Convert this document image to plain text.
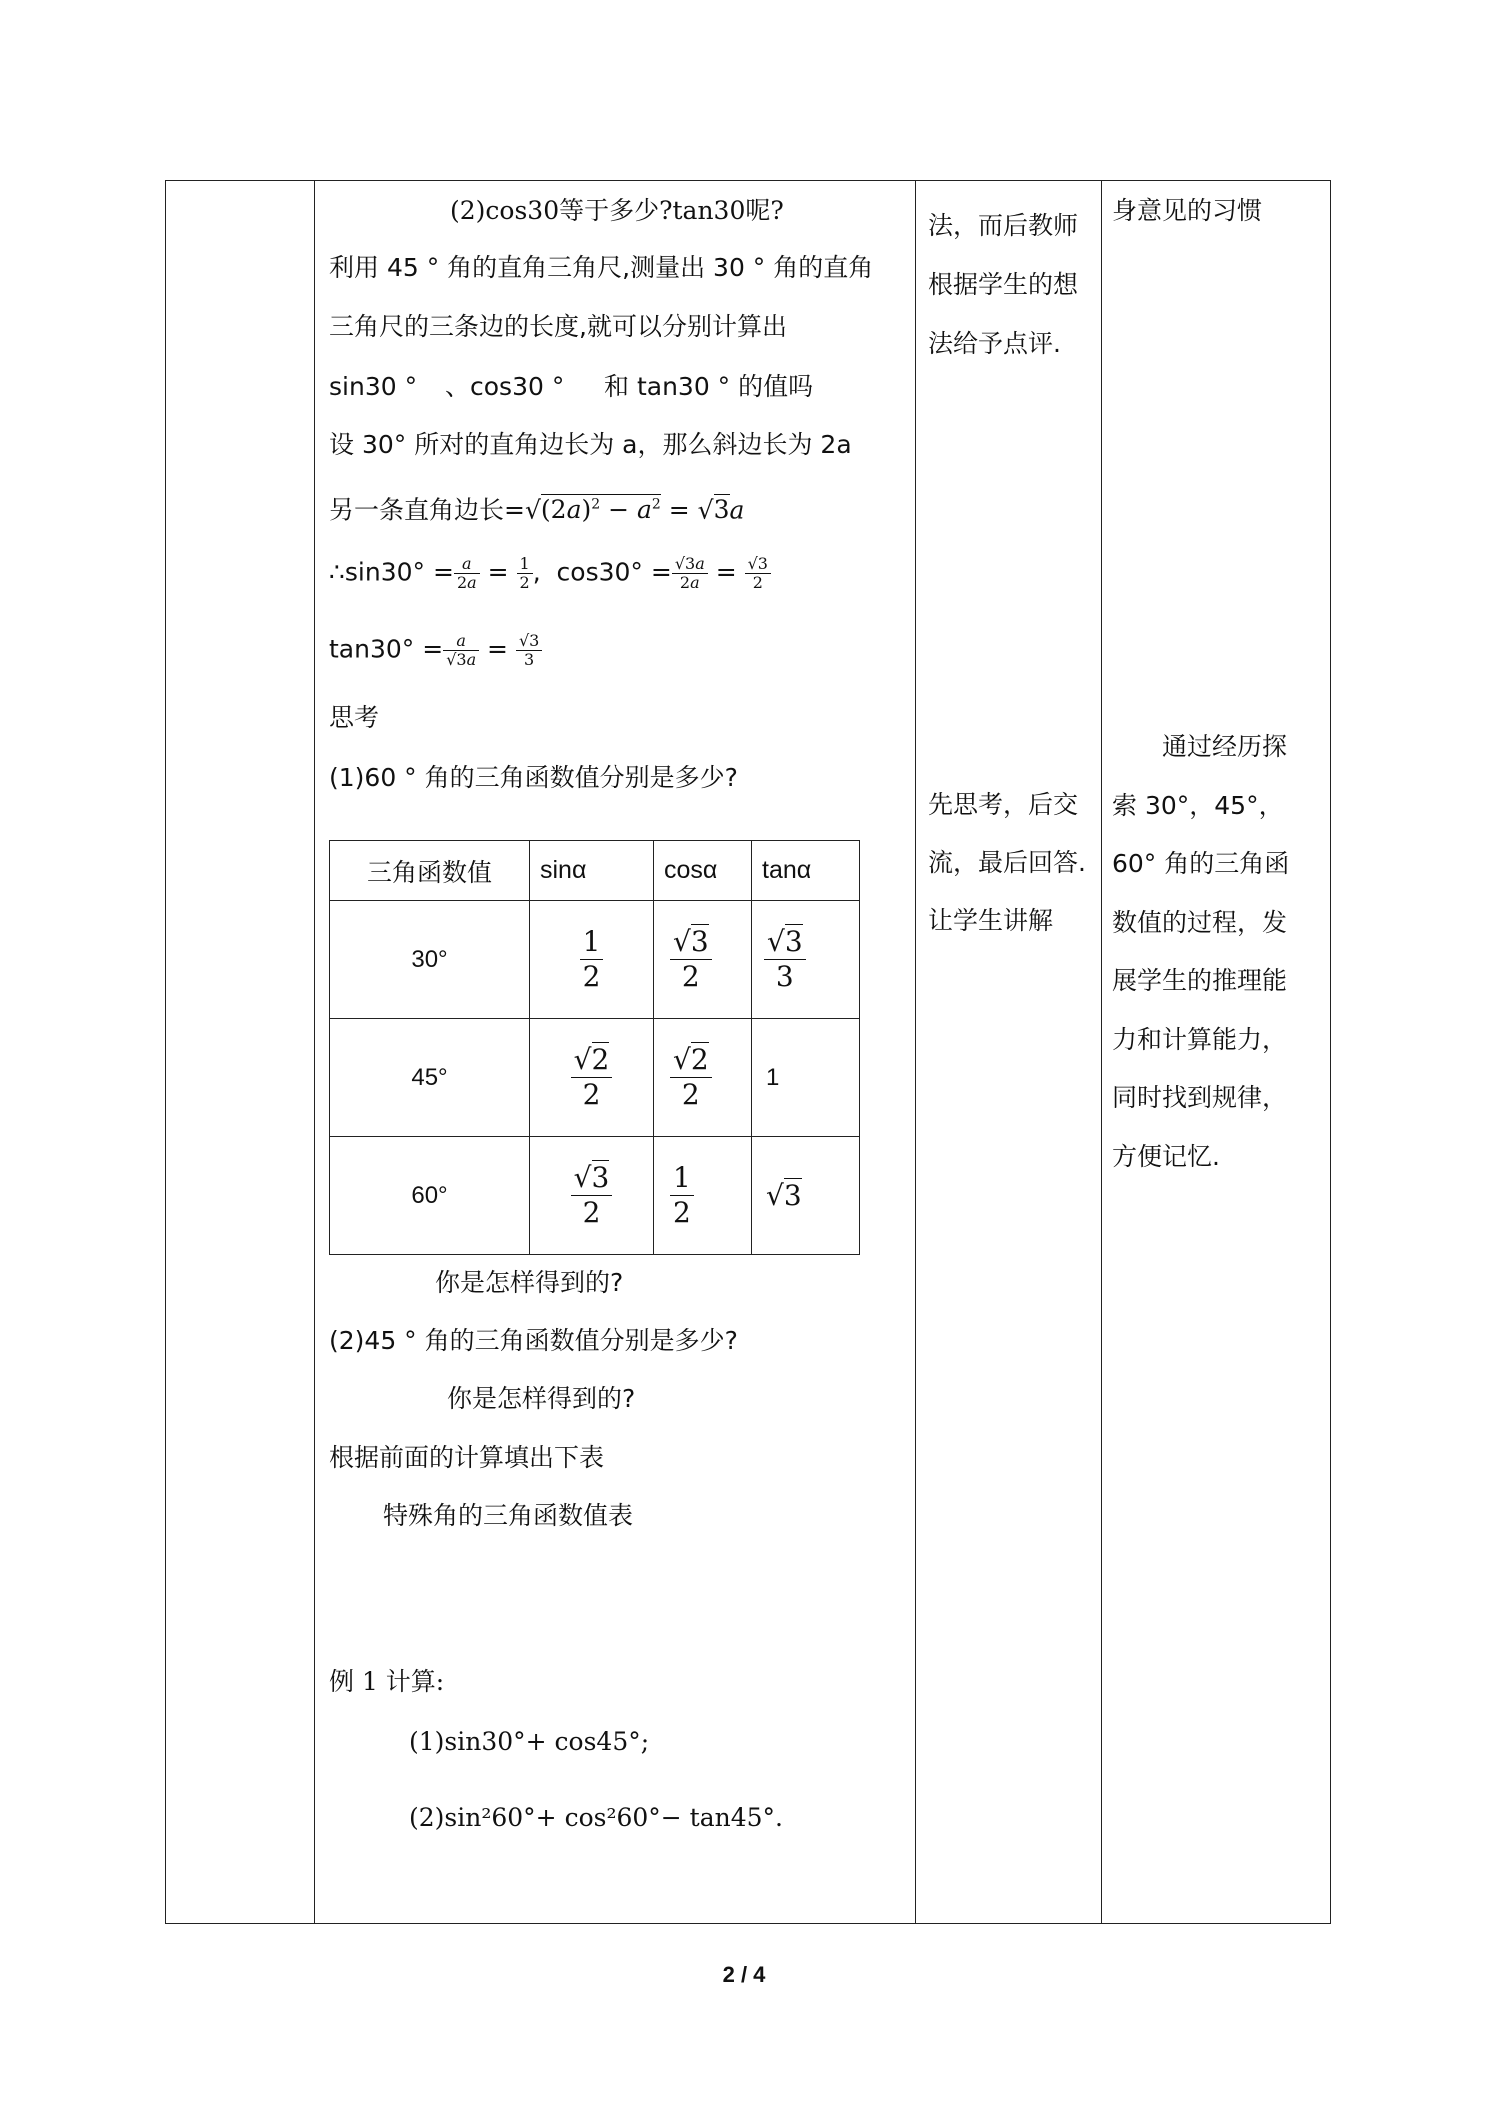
(2)cos30等于多少?tan30呢?
利用 45 ° 角的直角三角尺,测量出 30 ° 角的直角
三角尺的三条边的长度,就可以分别计算出
sin30 ° 、cos30 ° 和 tan30 ° 的值吗
设 30° 所对的直角边长为 a，那么斜边长为 2a
另一条直角边长$=√(2a)^2 - a^2 = √3a$
∴sin30° = $\frac{a}{2a} = \frac{1}{2}$ ,  $\cos 30^\circ = \frac{√3a}{2a} = \frac{√3}{2}$
$\tan 30^\circ = \frac{a}{√3a} = \frac{√3}{3}$
思考
(1)60 ° 角的三角函数值分别是多少?
三角函数值	sinα	cosα	tanα
30°	$\frac{1}{2}$	$\frac{√3}{2}$	$\frac{√3}{3}$

45°	$\frac{√2}{2}$	$\frac{√2}{2}$	1
60°	$\frac{√3}{2}$	$\frac{1}{2}$	√3
你是怎样得到的?
(2)45 ° 角的三角函数值分别是多少?
你是怎样得到的?
根据前面的计算填出下表
特殊角的三角函数值表
例 1 计算:
(1)sin30°+ cos45°;
(2)sin²60°+ cos²60°− tan45°.
法，而后教师
根据学生的想
法给予点评.
先思考，后交
流，最后回答.
让学生讲解
身意见的习惯
　　通过经历探
索 30°，45°，
60° 角的三角函
数值的过程，发
展学生的推理能
力和计算能力，
同时找到规律，
方便记忆.
2 / 4
